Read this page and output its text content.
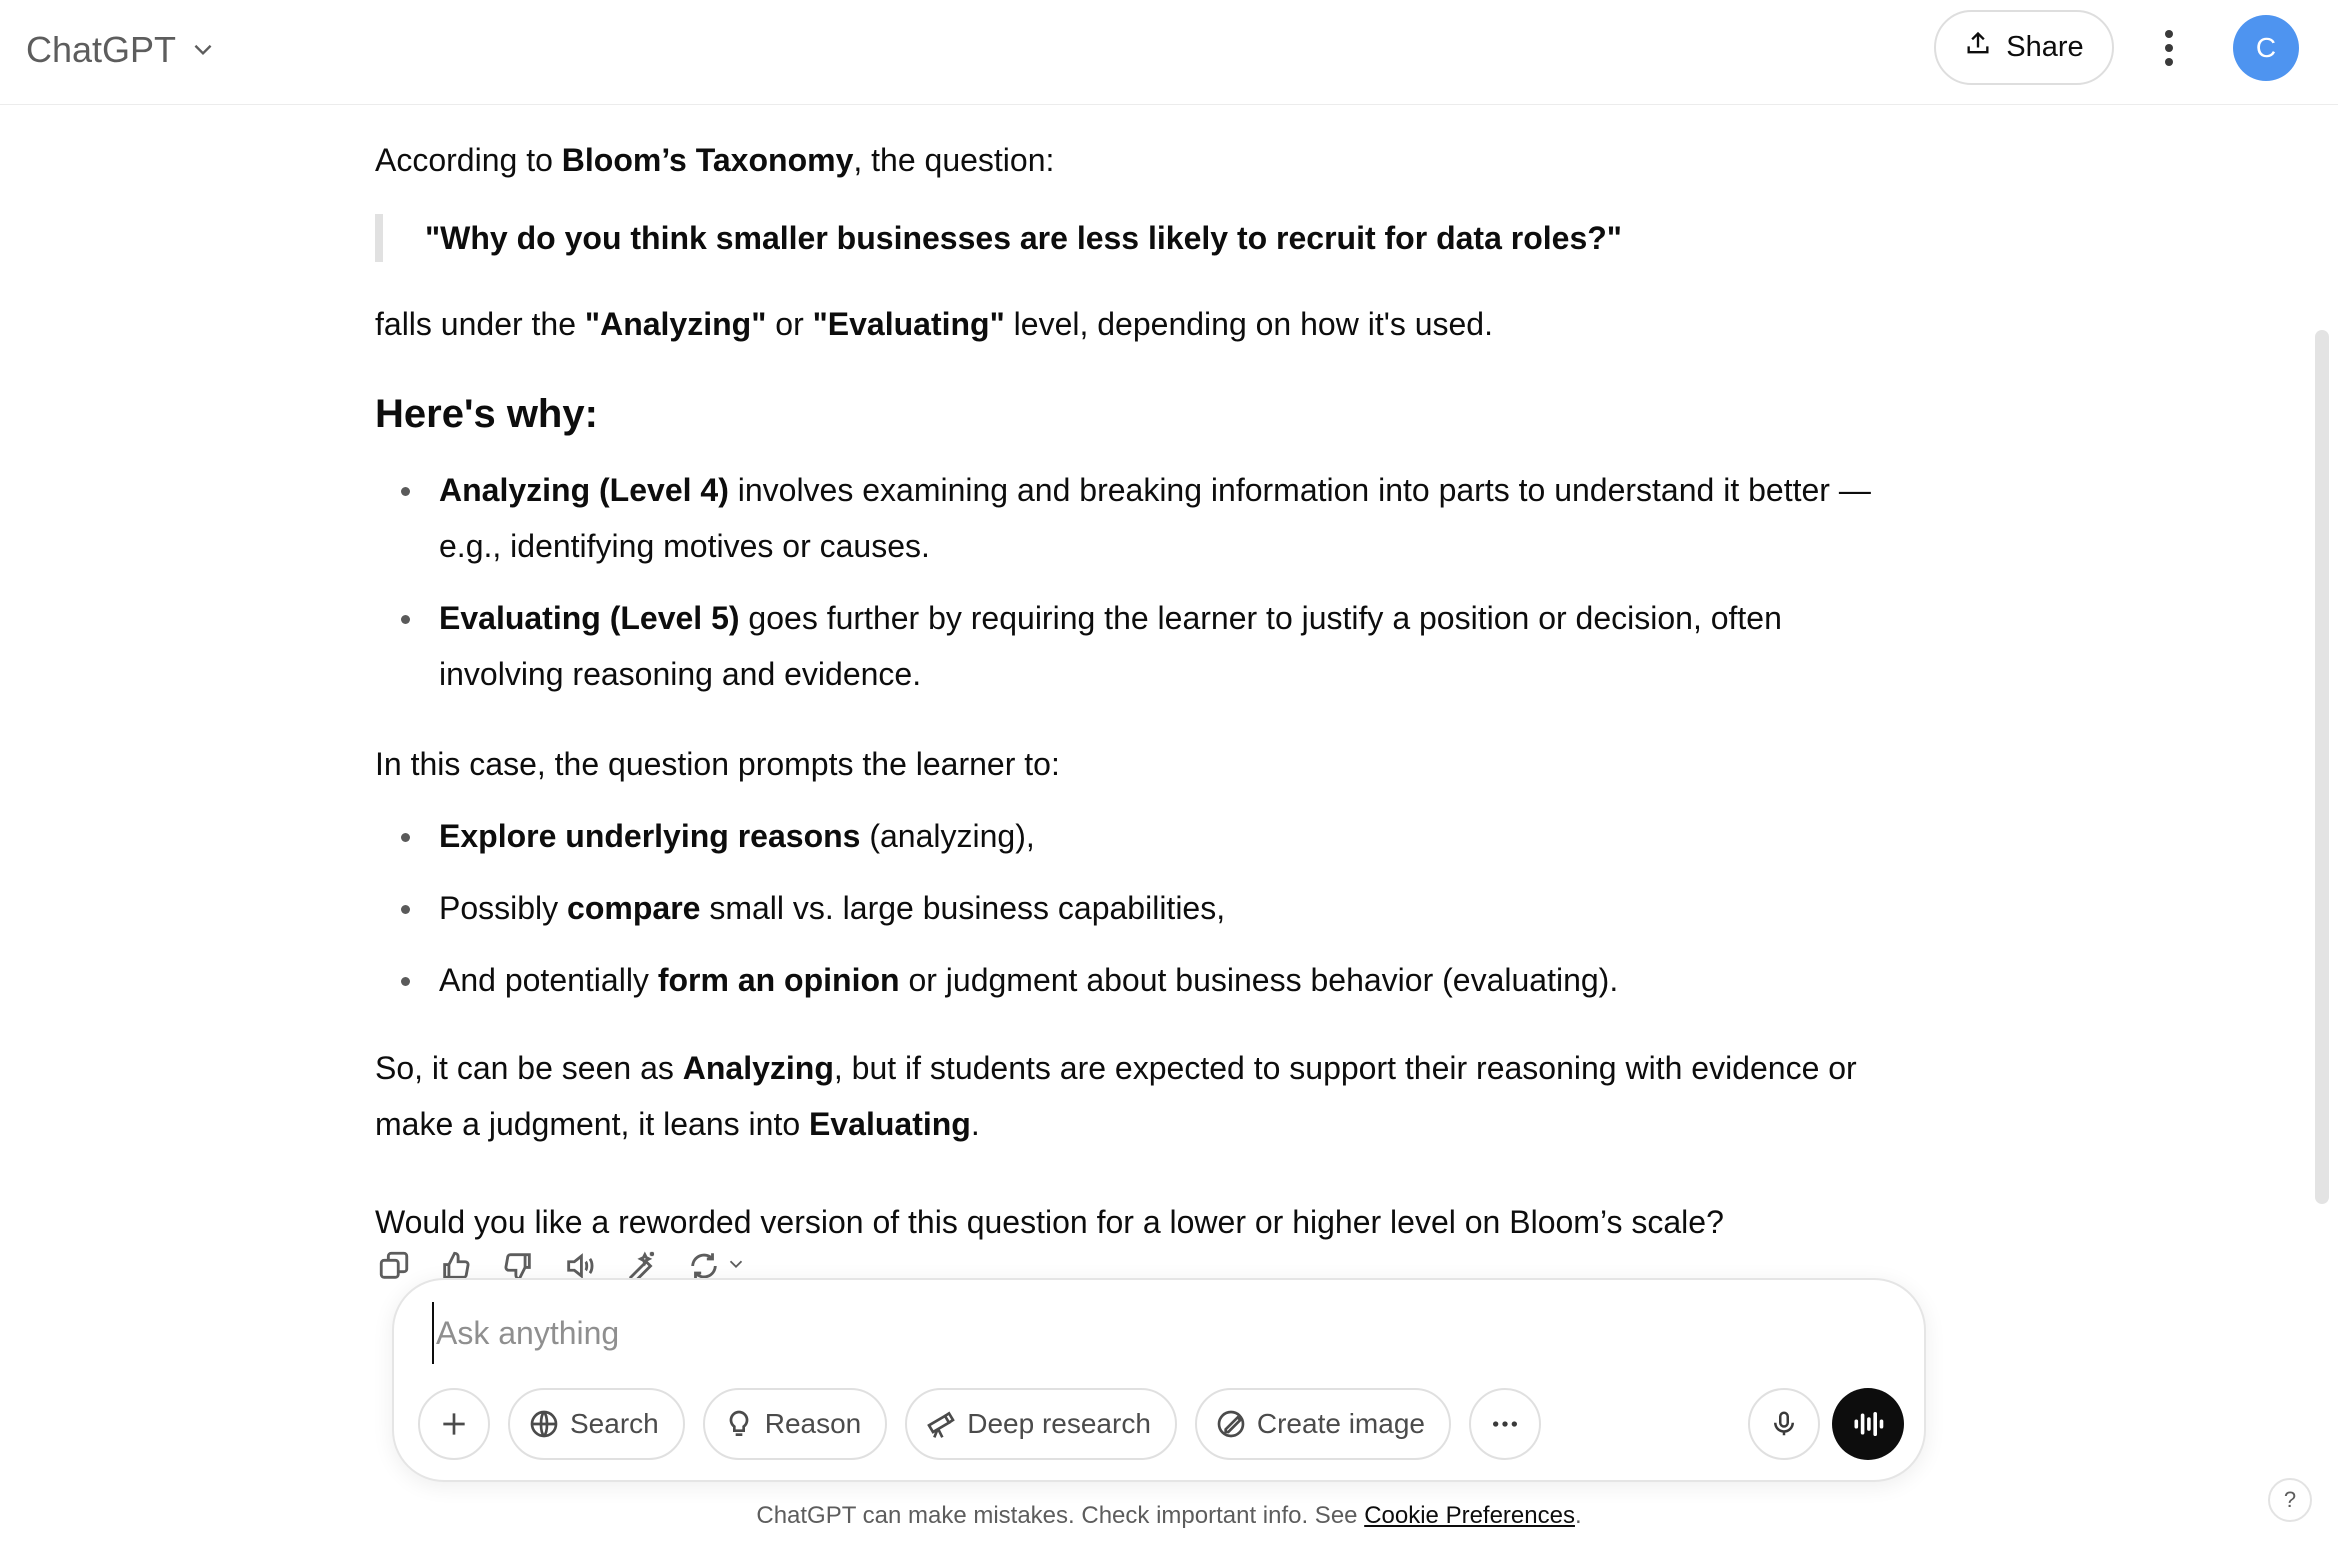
ChatGPT	Share	C
According to Bloom’s Taxonomy, the question:
"Why do you think smaller businesses are less likely to recruit for data roles?"
falls under the "Analyzing" or "Evaluating" level, depending on how it's used.
Here's why:
Analyzing (Level 4) involves examining and breaking information into parts to understand it better — e.g., identifying motives or causes.
Evaluating (Level 5) goes further by requiring the learner to justify a position or decision, often involving reasoning and evidence.
In this case, the question prompts the learner to:
Explore underlying reasons (analyzing),
Possibly compare small vs. large business capabilities,
And potentially form an opinion or judgment about business behavior (evaluating).
So, it can be seen as Analyzing, but if students are expected to support their reasoning with evidence or make a judgment, it leans into Evaluating.
Would you like a reworded version of this question for a lower or higher level on Bloom’s scale?
Ask anything
Search	Reason	Deep research	Create image
ChatGPT can make mistakes. Check important info. See Cookie Preferences.
?
